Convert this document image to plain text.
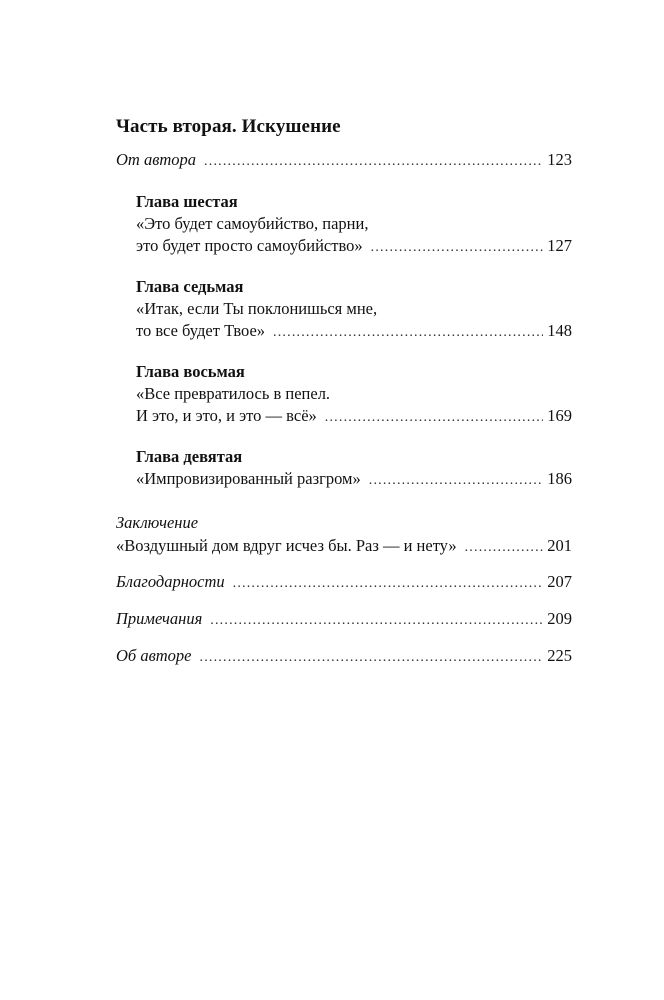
Часть вторая. Искушение
От автора .....	123
Глава шестая
«Это будет самоубийство, парни,
это будет просто самоубийство» .....	127
Глава седьмая
«Итак, если Ты поклонишься мне,
то все будет Твое» .....	148
Глава восьмая
«Все превратилось в пепел.
И это, и это, и это — всё» .....	169
Глава девятая
«Импровизированный разгром» .....	186
Заключение
«Воздушный дом вдруг исчез бы. Раз — и нету» .....	201
Благодарности .....	207
Примечания .....	209
Об авторе .....	225
